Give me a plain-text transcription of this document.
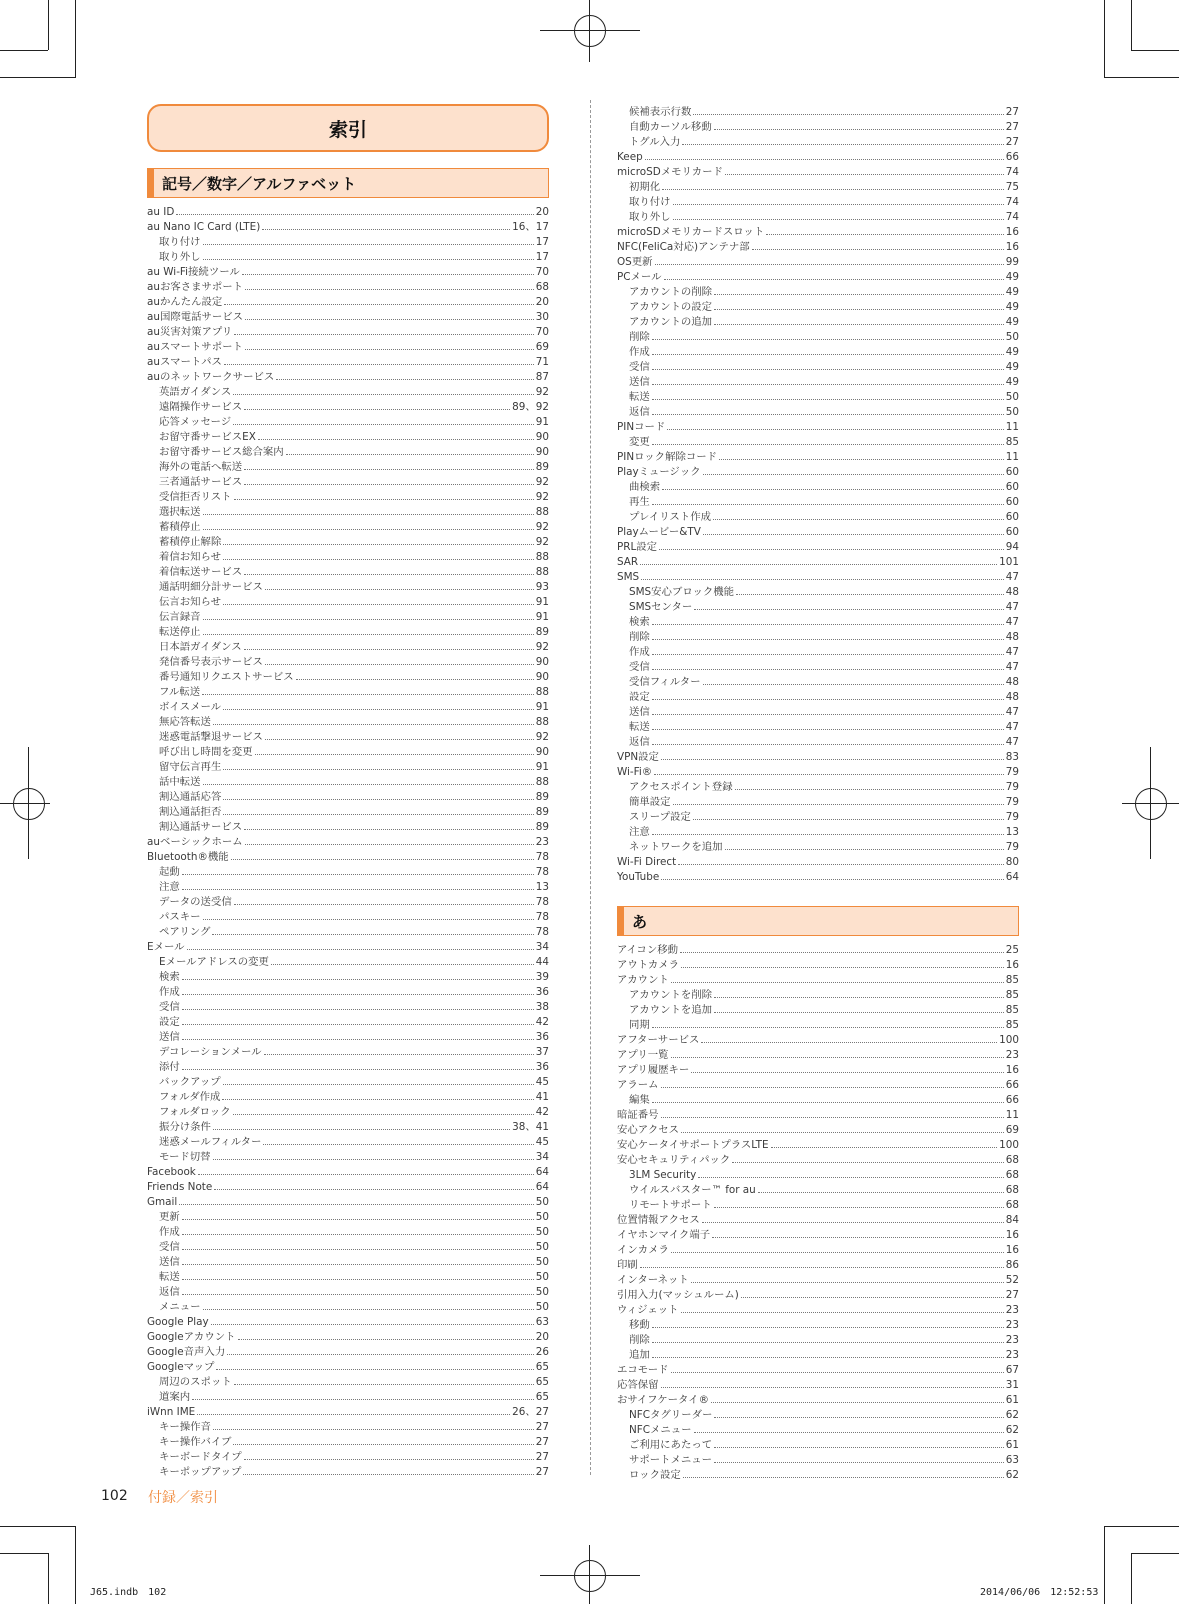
索引
記号／数字／アルファベット
au ID	20
au Nano IC Card (LTE)	16、17
取り付け	17
取り外し	17
au Wi-Fi接続ツール	70
auお客さまサポート	68
auかんたん設定	20
au国際電話サービス	30
au災害対策アプリ	70
auスマートサポート	69
auスマートパス	71
auのネットワークサービス	87
英語ガイダンス	92
遠隔操作サービス	89、92
応答メッセージ	91
お留守番サービスEX	90
お留守番サービス総合案内	90
海外の電話へ転送	89
三者通話サービス	92
受信拒否リスト	92
選択転送	88
蓄積停止	92
蓄積停止解除	92
着信お知らせ	88
着信転送サービス	88
通話明細分計サービス	93
伝言お知らせ	91
伝言録音	91
転送停止	89
日本語ガイダンス	92
発信番号表示サービス	90
番号通知リクエストサービス	90
フル転送	88
ボイスメール	91
無応答転送	88
迷惑電話撃退サービス	92
呼び出し時間を変更	90
留守伝言再生	91
話中転送	88
割込通話応答	89
割込通話拒否	89
割込通話サービス	89
auベーシックホーム	23
Bluetooth®機能	78
起動	78
注意	13
データの送受信	78
パスキー	78
ペアリング	78
Eメール	34
Eメールアドレスの変更	44
検索	39
作成	36
受信	38
設定	42
送信	36
デコレーションメール	37
添付	36
バックアップ	45
フォルダ作成	41
フォルダロック	42
振分け条件	38、41
迷惑メールフィルター	45
モード切替	34
Facebook	64
Friends Note	64
Gmail	50
更新	50
作成	50
受信	50
送信	50
転送	50
返信	50
メニュー	50
Google Play	63
Googleアカウント	20
Google音声入力	26
Googleマップ	65
周辺のスポット	65
道案内	65
iWnn IME	26、27
キー操作音	27
キー操作バイブ	27
キーボードタイプ	27
キーポップアップ	27
候補表示行数	27
自動カーソル移動	27
トグル入力	27
Keep	66
microSDメモリカード	74
初期化	75
取り付け	74
取り外し	74
microSDメモリカードスロット	16
NFC(FeliCa対応)アンテナ部	16
OS更新	99
PCメール	49
アカウントの削除	49
アカウントの設定	49
アカウントの追加	49
削除	50
作成	49
受信	49
送信	49
転送	50
返信	50
PINコード	11
変更	85
PINロック解除コード	11
Playミュージック	60
曲検索	60
再生	60
プレイリスト作成	60
Playムービー&TV	60
PRL設定	94
SAR	101
SMS	47
SMS安心ブロック機能	48
SMSセンター	47
検索	47
削除	48
作成	47
受信	47
受信フィルター	48
設定	48
送信	47
転送	47
返信	47
VPN設定	83
Wi-Fi®	79
アクセスポイント登録	79
簡単設定	79
スリープ設定	79
注意	13
ネットワークを追加	79
Wi-Fi Direct	80
YouTube	64
あ
アイコン移動	25
アウトカメラ	16
アカウント	85
アカウントを削除	85
アカウントを追加	85
同期	85
アフターサービス	100
アプリ一覧	23
アプリ履歴キー	16
アラーム	66
編集	66
暗証番号	11
安心アクセス	69
安心ケータイサポートプラスLTE	100
安心セキュリティパック	68
3LM Security	68
ウイルスバスター™ for au	68
リモートサポート	68
位置情報アクセス	84
イヤホンマイク端子	16
インカメラ	16
印刷	86
インターネット	52
引用入力(マッシュルーム)	27
ウィジェット	23
移動	23
削除	23
追加	23
エコモード	67
応答保留	31
おサイフケータイ®	61
NFCタグリーダー	62
NFCメニュー	62
ご利用にあたって	61
サポートメニュー	63
ロック設定	62
102 付録／索引
J65.indb　102	2014/06/06　12:52:53
